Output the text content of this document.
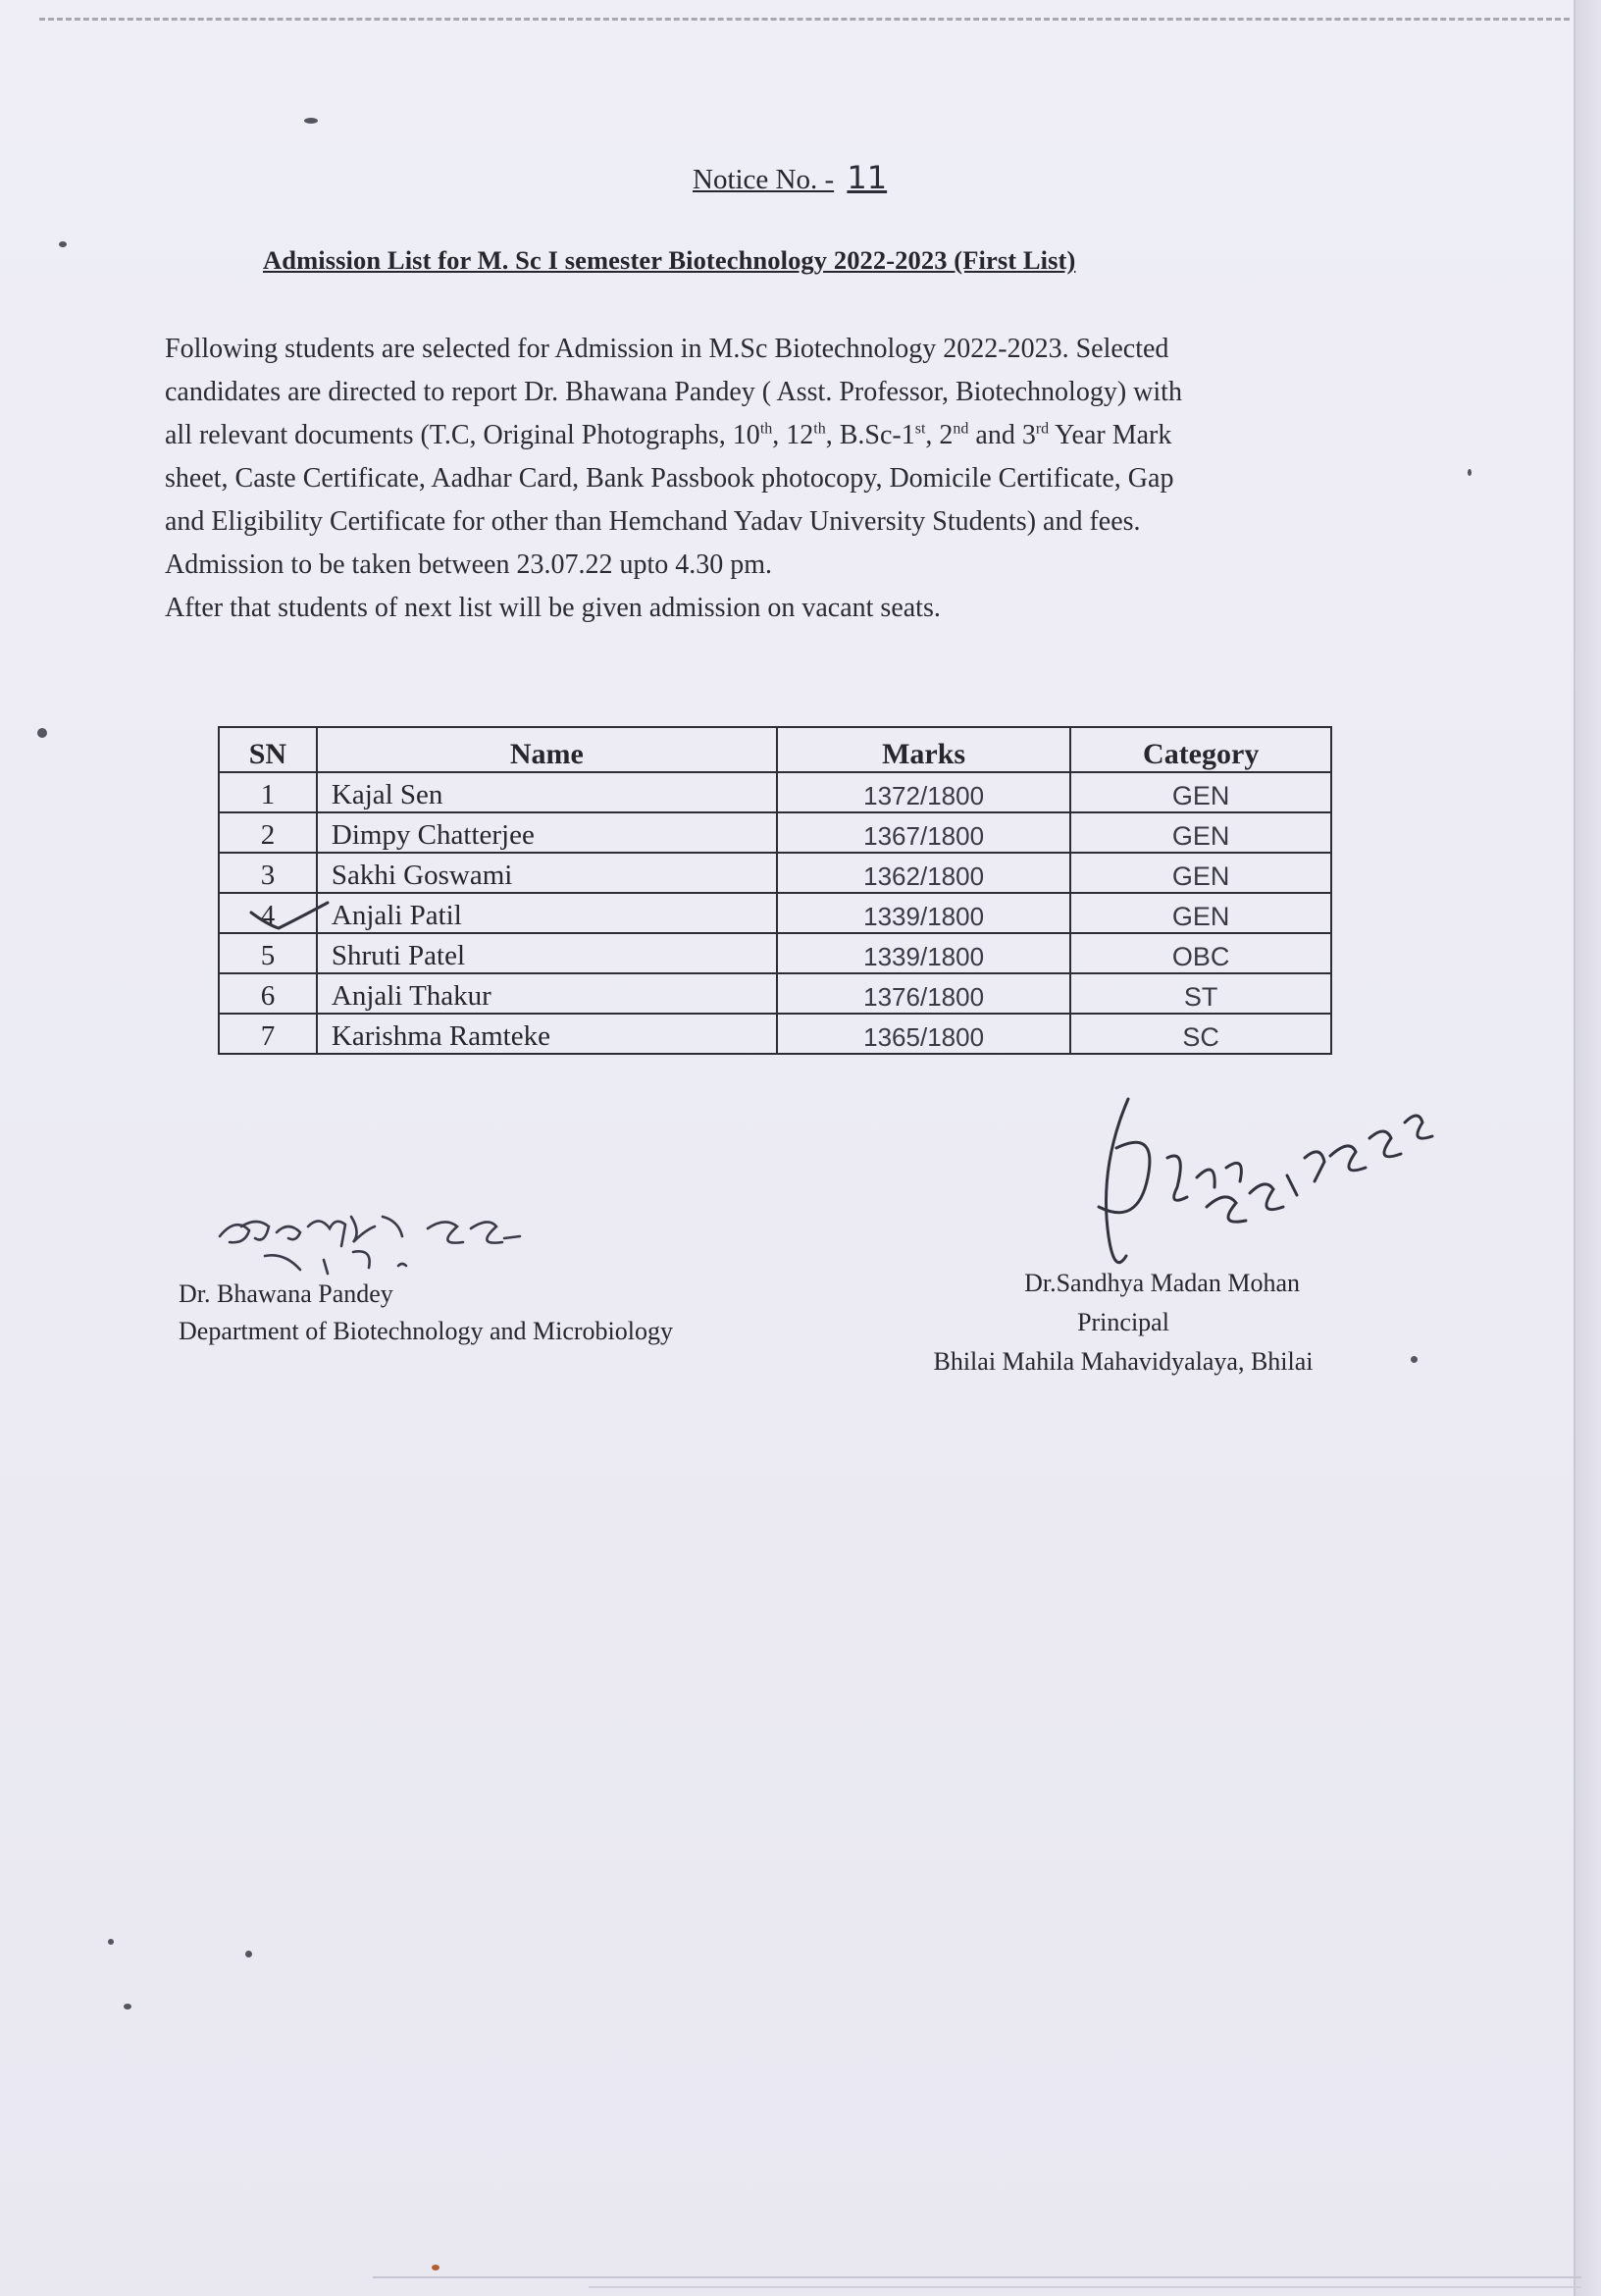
Notice No. - 11
Admission List for M. Sc I semester Biotechnology 2022-2023 (First List)

Following students are selected for Admission in M.Sc Biotechnology 2022-2023. Selected

candidates are directed to report Dr. Bhawana Pandey ( Asst. Professor, Biotechnology) with

all relevant documents (T.C, Original Photographs, 10th, 12th, B.Sc-1st, 2nd and 3rd Year Mark

sheet, Caste Certificate, Aadhar Card, Bank Passbook photocopy, Domicile Certificate, Gap

and Eligibility Certificate for other than Hemchand Yadav University Students) and fees.

Admission to be taken between 23.07.22 upto 4.30 pm.

After that students of next list will be given admission on vacant seats.

SN	Name	Marks	Category
1	Kajal Sen	1372/1800	GEN
2	Dimpy Chatterjee	1367/1800	GEN
3	Sakhi Goswami	1362/1800	GEN
4	Anjali Patil	1339/1800	GEN
5	Shruti Patel	1339/1800	OBC
6	Anjali Thakur	1376/1800	ST
7	Karishma Ramteke	1365/1800	SC
Dr. Bhawana Pandey
Department of Biotechnology and Microbiology
Dr.Sandhya Madan Mohan
Principal
Bhilai Mahila Mahavidyalaya, Bhilai
